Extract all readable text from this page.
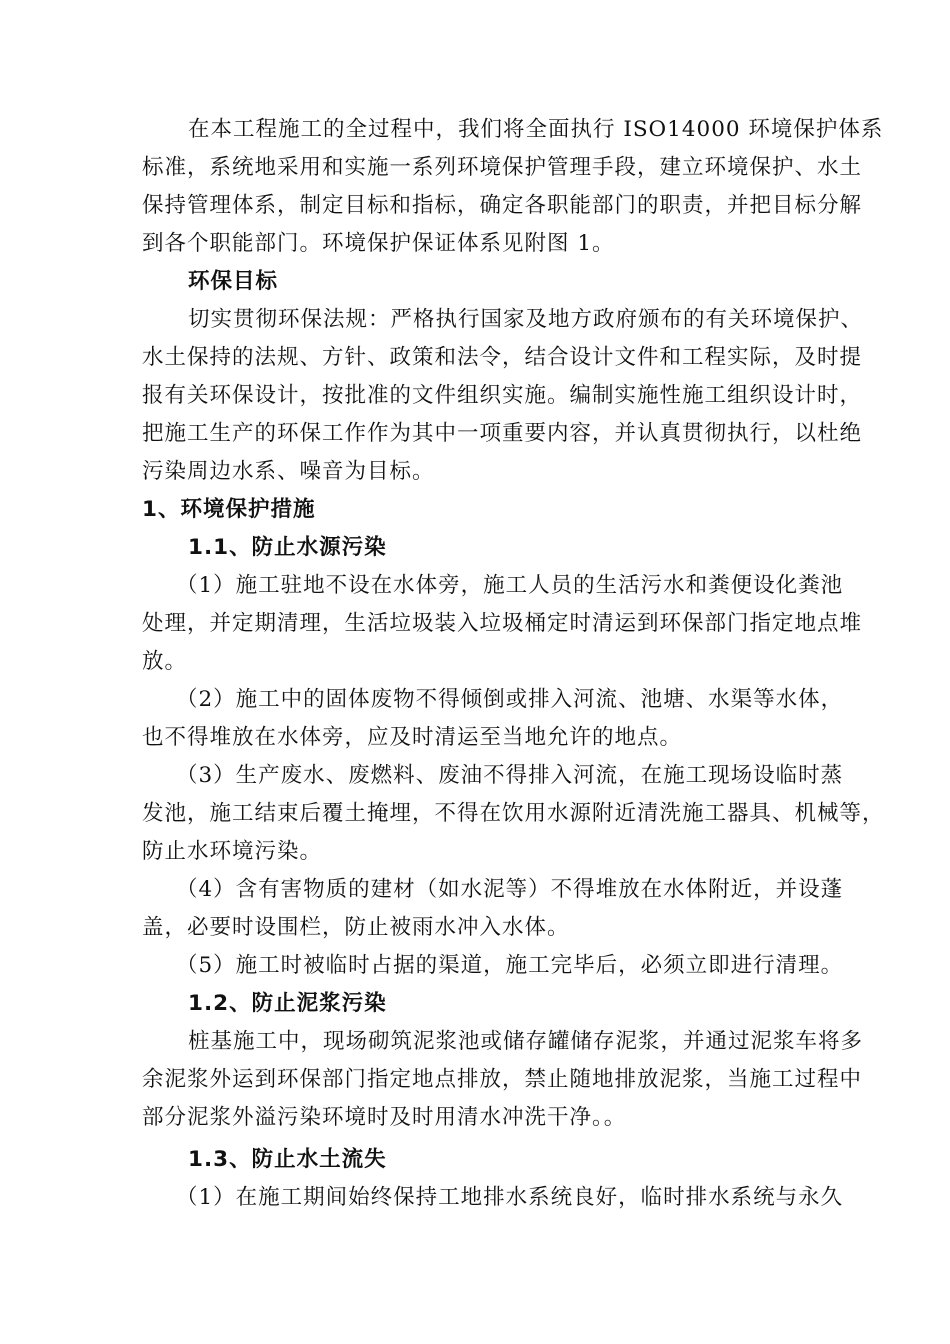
在本工程施工的全过程中，我们将全面执行 ISO14000 环境保护体系
标准，系统地采用和实施一系列环境保护管理手段，建立环境保护、水土
保持管理体系，制定目标和指标，确定各职能部门的职责，并把目标分解
到各个职能部门。环境保护保证体系见附图 1。
环保目标
切实贯彻环保法规：严格执行国家及地方政府颁布的有关环境保护、
水土保持的法规、方针、政策和法令，结合设计文件和工程实际，及时提
报有关环保设计，按批准的文件组织实施。编制实施性施工组织设计时，
把施工生产的环保工作作为其中一项重要内容，并认真贯彻执行，以杜绝
污染周边水系、噪音为目标。
1、环境保护措施
1.1、防止水源污染
（1）施工驻地不设在水体旁，施工人员的生活污水和粪便设化粪池
处理，并定期清理，生活垃圾装入垃圾桶定时清运到环保部门指定地点堆
放。
（2）施工中的固体废物不得倾倒或排入河流、池塘、水渠等水体，
也不得堆放在水体旁，应及时清运至当地允许的地点。
（3）生产废水、废燃料、废油不得排入河流，在施工现场设临时蒸
发池，施工结束后覆土掩埋，不得在饮用水源附近清洗施工器具、机械等，
防止水环境污染。
（4）含有害物质的建材（如水泥等）不得堆放在水体附近，并设蓬
盖，必要时设围栏，防止被雨水冲入水体。
（5）施工时被临时占据的渠道，施工完毕后，必须立即进行清理。
1.2、防止泥浆污染
桩基施工中，现场砌筑泥浆池或储存罐储存泥浆，并通过泥浆车将多
余泥浆外运到环保部门指定地点排放，禁止随地排放泥浆，当施工过程中
部分泥浆外溢污染环境时及时用清水冲洗干净。。
1.3、防止水土流失
（1）在施工期间始终保持工地排水系统良好，临时排水系统与永久
